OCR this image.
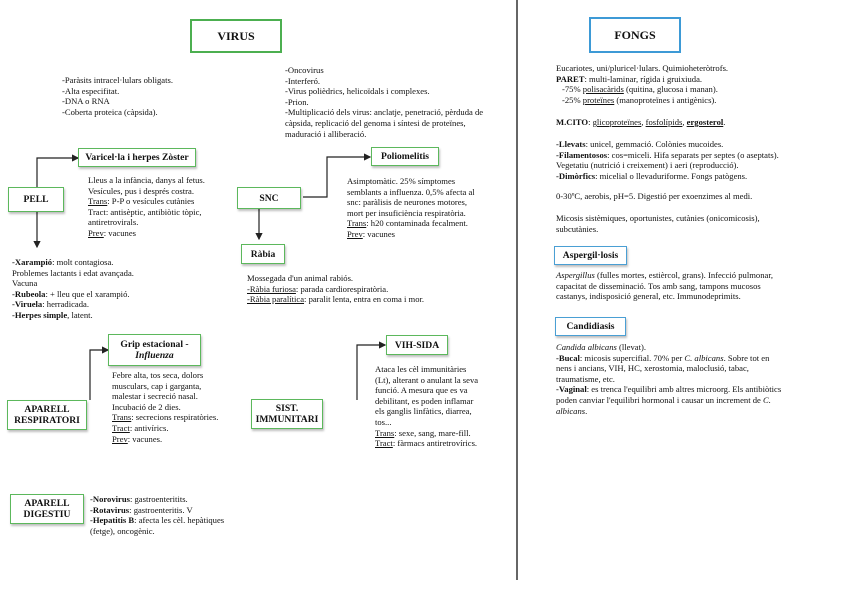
VIRUS
-Paràsits intracel·lulars obligats.
-Alta especifitat.
-DNA o RNA
-Coberta proteica (càpsida).
-Oncovirus
-Interferó.
-Virus polièdrics, helicoïdals i complexes.
-Prion.
-Multiplicació dels virus: anclatje, penetració, pèrduda de
càpsida, replicació del genoma i síntesi de proteïnes,
maduració i alliberació.
PELL
Varicel·la i herpes Zòster
Lleus a la infància, danys al fetus.
Vesícules, pus i després costra.
Trans: P-P o vesícules cutànies
Tract: antisèptic, antibiòtic tòpic,
antiretrovirals.
Prev: vacunes
-Xarampió: molt contagiosa.
Problemes lactants i edat avançada.
Vacuna
-Rubeola: + lleu que el xarampió.
-Viruela: herradicada.
-Herpes simple, latent.
SNC
Poliomelitis
Asimptomàtic. 25% símptomes
semblants a influenza. 0,5% afecta al
snc: paràlisis de neurones motores,
mort per insuficiència respiratòria.
Trans: h20 contaminada fecalment.
Prev: vacunes
Ràbia
Mossegada d'un animal rabiós.
-Ràbia furiosa: parada cardiorespiratòria.
-Ràbia paralítica: paralit lenta, entra en coma i mor.
APARELL
RESPIRATORI
Grip estacional -
Influenza
Febre alta, tos seca, dolors
musculars, cap i garganta,
malestar i secreció nasal.
Incubació de 2 dies.
Trans: secrecions respiratòries.
Tract: antivírics.
Prev: vacunes.
SIST.
IMMUNITARI
VIH-SIDA
Ataca les cèl immunitàries
(Lt), alterant o anulant la seva
funció. A mesura que es va
debilitant, es poden inflamar
els ganglis linfàtics, diarrea,
tos...
Trans: sexe, sang, mare-fill.
Tract: fàrmacs antiretrovírics.
APARELL
DIGESTIU
-Norovirus: gastroenteritits.
-Rotavirus: gastroenteritis. V
-Hepatitis B: afecta les cèl. hepàtiques
(fetge), oncogènic.
FONGS
Eucariotes, uni/pluricel·lulars. Quimioheteròtrofs.
PARET: multi-laminar, rígida i gruixiuda.
-75% polisacàrids (quitina, glucosa i manan).
-25% proteïnes (manoproteïnes i antigènics).
M.CITO: glicoproteïnes, fosfolípids, ergosterol.
-Llevats: unicel, gemmació. Colònies mucoides.
-Filamentosos: cos=miceli. Hifa separats per septes (o aseptats).
Vegetatiu (nutrició i creixement) i aeri (reproducció).
-Dimòrfics: micelial o llevaduriforme. Fongs patògens.
0-30ºC, aerobis, pH=5. Digestió per exoenzimes al medi.
Micosis sistèmiques, oportunistes, cutànies (onicomicosis),
subcutànies.
Aspergil·losis
Aspergillus (fulles mortes, estièrcol, grans). Infecció pulmonar,
capacitat de disseminació. Tos amb sang, tampons mucosos
castanys, indisposició general, etc. Immunodeprimits.
Candidiasis
Candida albicans (llevat).
-Bucal: micosis supercifial. 70% per C. albicans. Sobre tot en
nens i ancians, VIH, HC, xerostomia, maloclusió, tabac,
traumatisme, etc.
-Vaginal: es trenca l'equilibri amb altres microorg. Els antibiòtics
poden canviar l'equilibri hormonal i causar un increment de C.
albicans.
